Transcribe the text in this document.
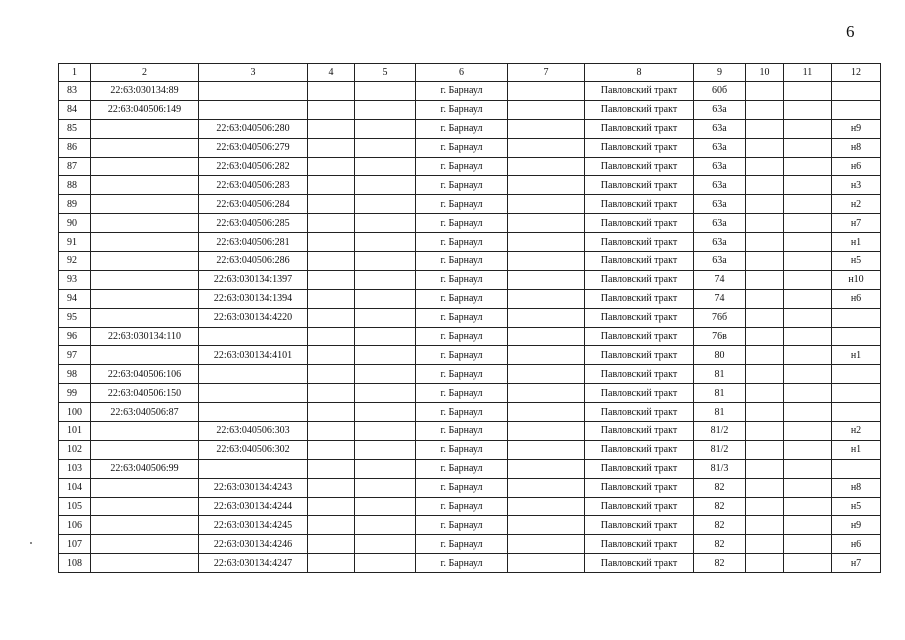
6
1	2	3	4	5	6	7	8	9	10	11	12
83	22:63:030134:89				г. Барнаул		Павловский тракт	60б			
84	22:63:040506:149				г. Барнаул		Павловский тракт	63а			
85		22:63:040506:280			г. Барнаул		Павловский тракт	63а			н9
86		22:63:040506:279			г. Барнаул		Павловский тракт	63а			н8
87		22:63:040506:282			г. Барнаул		Павловский тракт	63а			н6
88		22:63:040506:283			г. Барнаул		Павловский тракт	63а			н3
89		22:63:040506:284			г. Барнаул		Павловский тракт	63а			н2
90		22:63:040506:285			г. Барнаул		Павловский тракт	63а			н7
91		22:63:040506:281			г. Барнаул		Павловский тракт	63а			н1
92		22:63:040506:286			г. Барнаул		Павловский тракт	63а			н5
93		22:63:030134:1397			г. Барнаул		Павловский тракт	74			н10
94		22:63:030134:1394			г. Барнаул		Павловский тракт	74			н6
95		22:63:030134:4220			г. Барнаул		Павловский тракт	76б			
96	22:63:030134:110				г. Барнаул		Павловский тракт	76в			
97		22:63:030134:4101			г. Барнаул		Павловский тракт	80			н1
98	22:63:040506:106				г. Барнаул		Павловский тракт	81			
99	22:63:040506:150				г. Барнаул		Павловский тракт	81			
100	22:63:040506:87				г. Барнаул		Павловский тракт	81			
101		22:63:040506:303			г. Барнаул		Павловский тракт	81/2			н2
102		22:63:040506:302			г. Барнаул		Павловский тракт	81/2			н1
103	22:63:040506:99				г. Барнаул		Павловский тракт	81/3			
104		22:63:030134:4243			г. Барнаул		Павловский тракт	82			н8
105		22:63:030134:4244			г. Барнаул		Павловский тракт	82			н5
106		22:63:030134:4245			г. Барнаул		Павловский тракт	82			н9
107		22:63:030134:4246			г. Барнаул		Павловский тракт	82			н6
108		22:63:030134:4247			г. Барнаул		Павловский тракт	82			н7
